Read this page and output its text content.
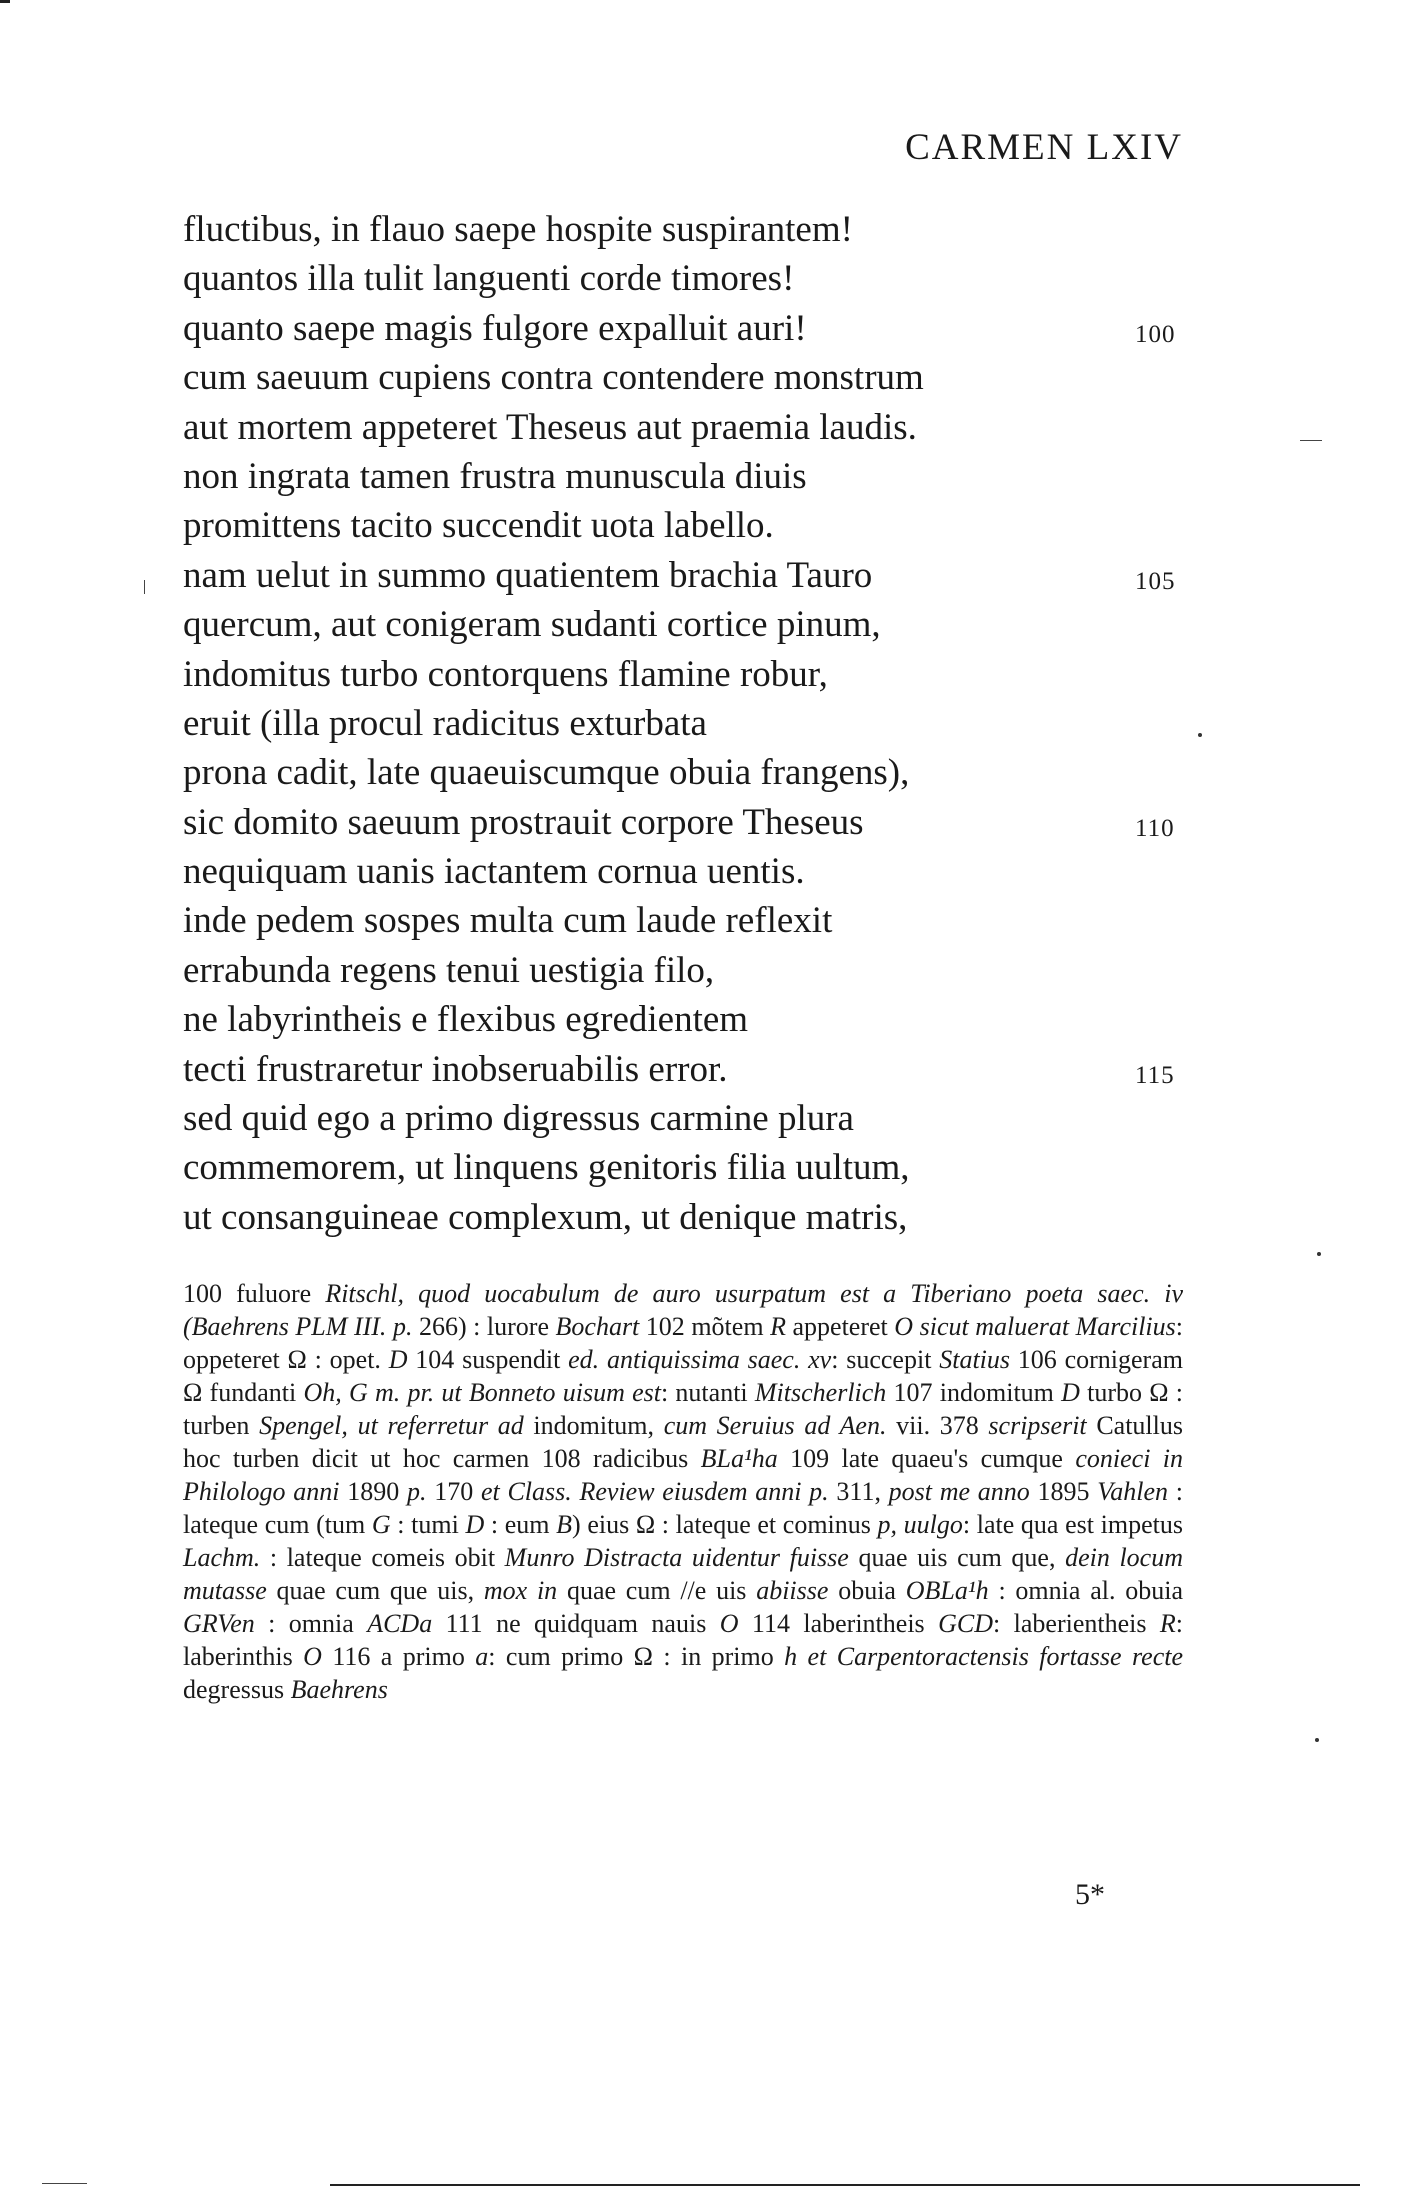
CARMEN LXIV
fluctibus, in flauo saepe hospite suspirantem!
quantos illa tulit languenti corde timores!
quanto saepe magis fulgore expalluit auri!	100
cum saeuum cupiens contra contendere monstrum
aut mortem appeteret Theseus aut praemia laudis.
non ingrata tamen frustra munuscula diuis
promittens tacito succendit uota labello.
nam uelut in summo quatientem brachia Tauro	105
quercum, aut conigeram sudanti cortice pinum,
indomitus turbo contorquens flamine robur,
eruit (illa procul radicitus exturbata
prona cadit, late quaeuiscumque obuia frangens),
sic domito saeuum prostrauit corpore Theseus	110
nequiquam uanis iactantem cornua uentis.
inde pedem sospes multa cum laude reflexit
errabunda regens tenui uestigia filo,
ne labyrintheis e flexibus egredientem
tecti frustraretur inobseruabilis error.	115
sed quid ego a primo digressus carmine plura
commemorem, ut linquens genitoris filia uultum,
ut consanguineae complexum, ut denique matris,
100 fuluore Ritschl, quod uocabulum de auro usurpatum est a Tiberiano poeta saec. iv (Baehrens PLM III. p. 266) : lurore Bochart 102 mõtem R appeteret O sicut maluerat Marcilius: oppeteret Ω : opet. D 104 suspendit ed. antiquissima saec. xv: succepit Statius 106 cornigeram Ω fundanti Oh, G m. pr. ut Bonneto uisum est: nutanti Mitscherlich 107 indomitum D turbo Ω : turben Spengel, ut referretur ad indomitum, cum Seruius ad Aen. vii. 378 scripserit Catullus hoc turben dicit ut hoc carmen 108 radicibus BLa¹ha 109 late quaeu's cumque conieci in Philologo anni 1890 p. 170 et Class. Review eiusdem anni p. 311, post me anno 1895 Vahlen : lateque cum (tum G : tumi D : eum B) eius Ω : lateque et cominus p, uulgo: late qua est impetus Lachm. : lateque comeis obit Munro Distracta uidentur fuisse quae uis cum que, dein locum mutasse quae cum que uis, mox in quae cum //e uis abiisse obuia OBLa¹h : omnia al. obuia GRVen : omnia ACDa 111 ne quidquam nauis O 114 laberintheis GCD: laberientheis R: laberinthis O 116 a primo a: cum primo Ω : in primo h et Carpentoractensis fortasse recte degressus Baehrens
5*
